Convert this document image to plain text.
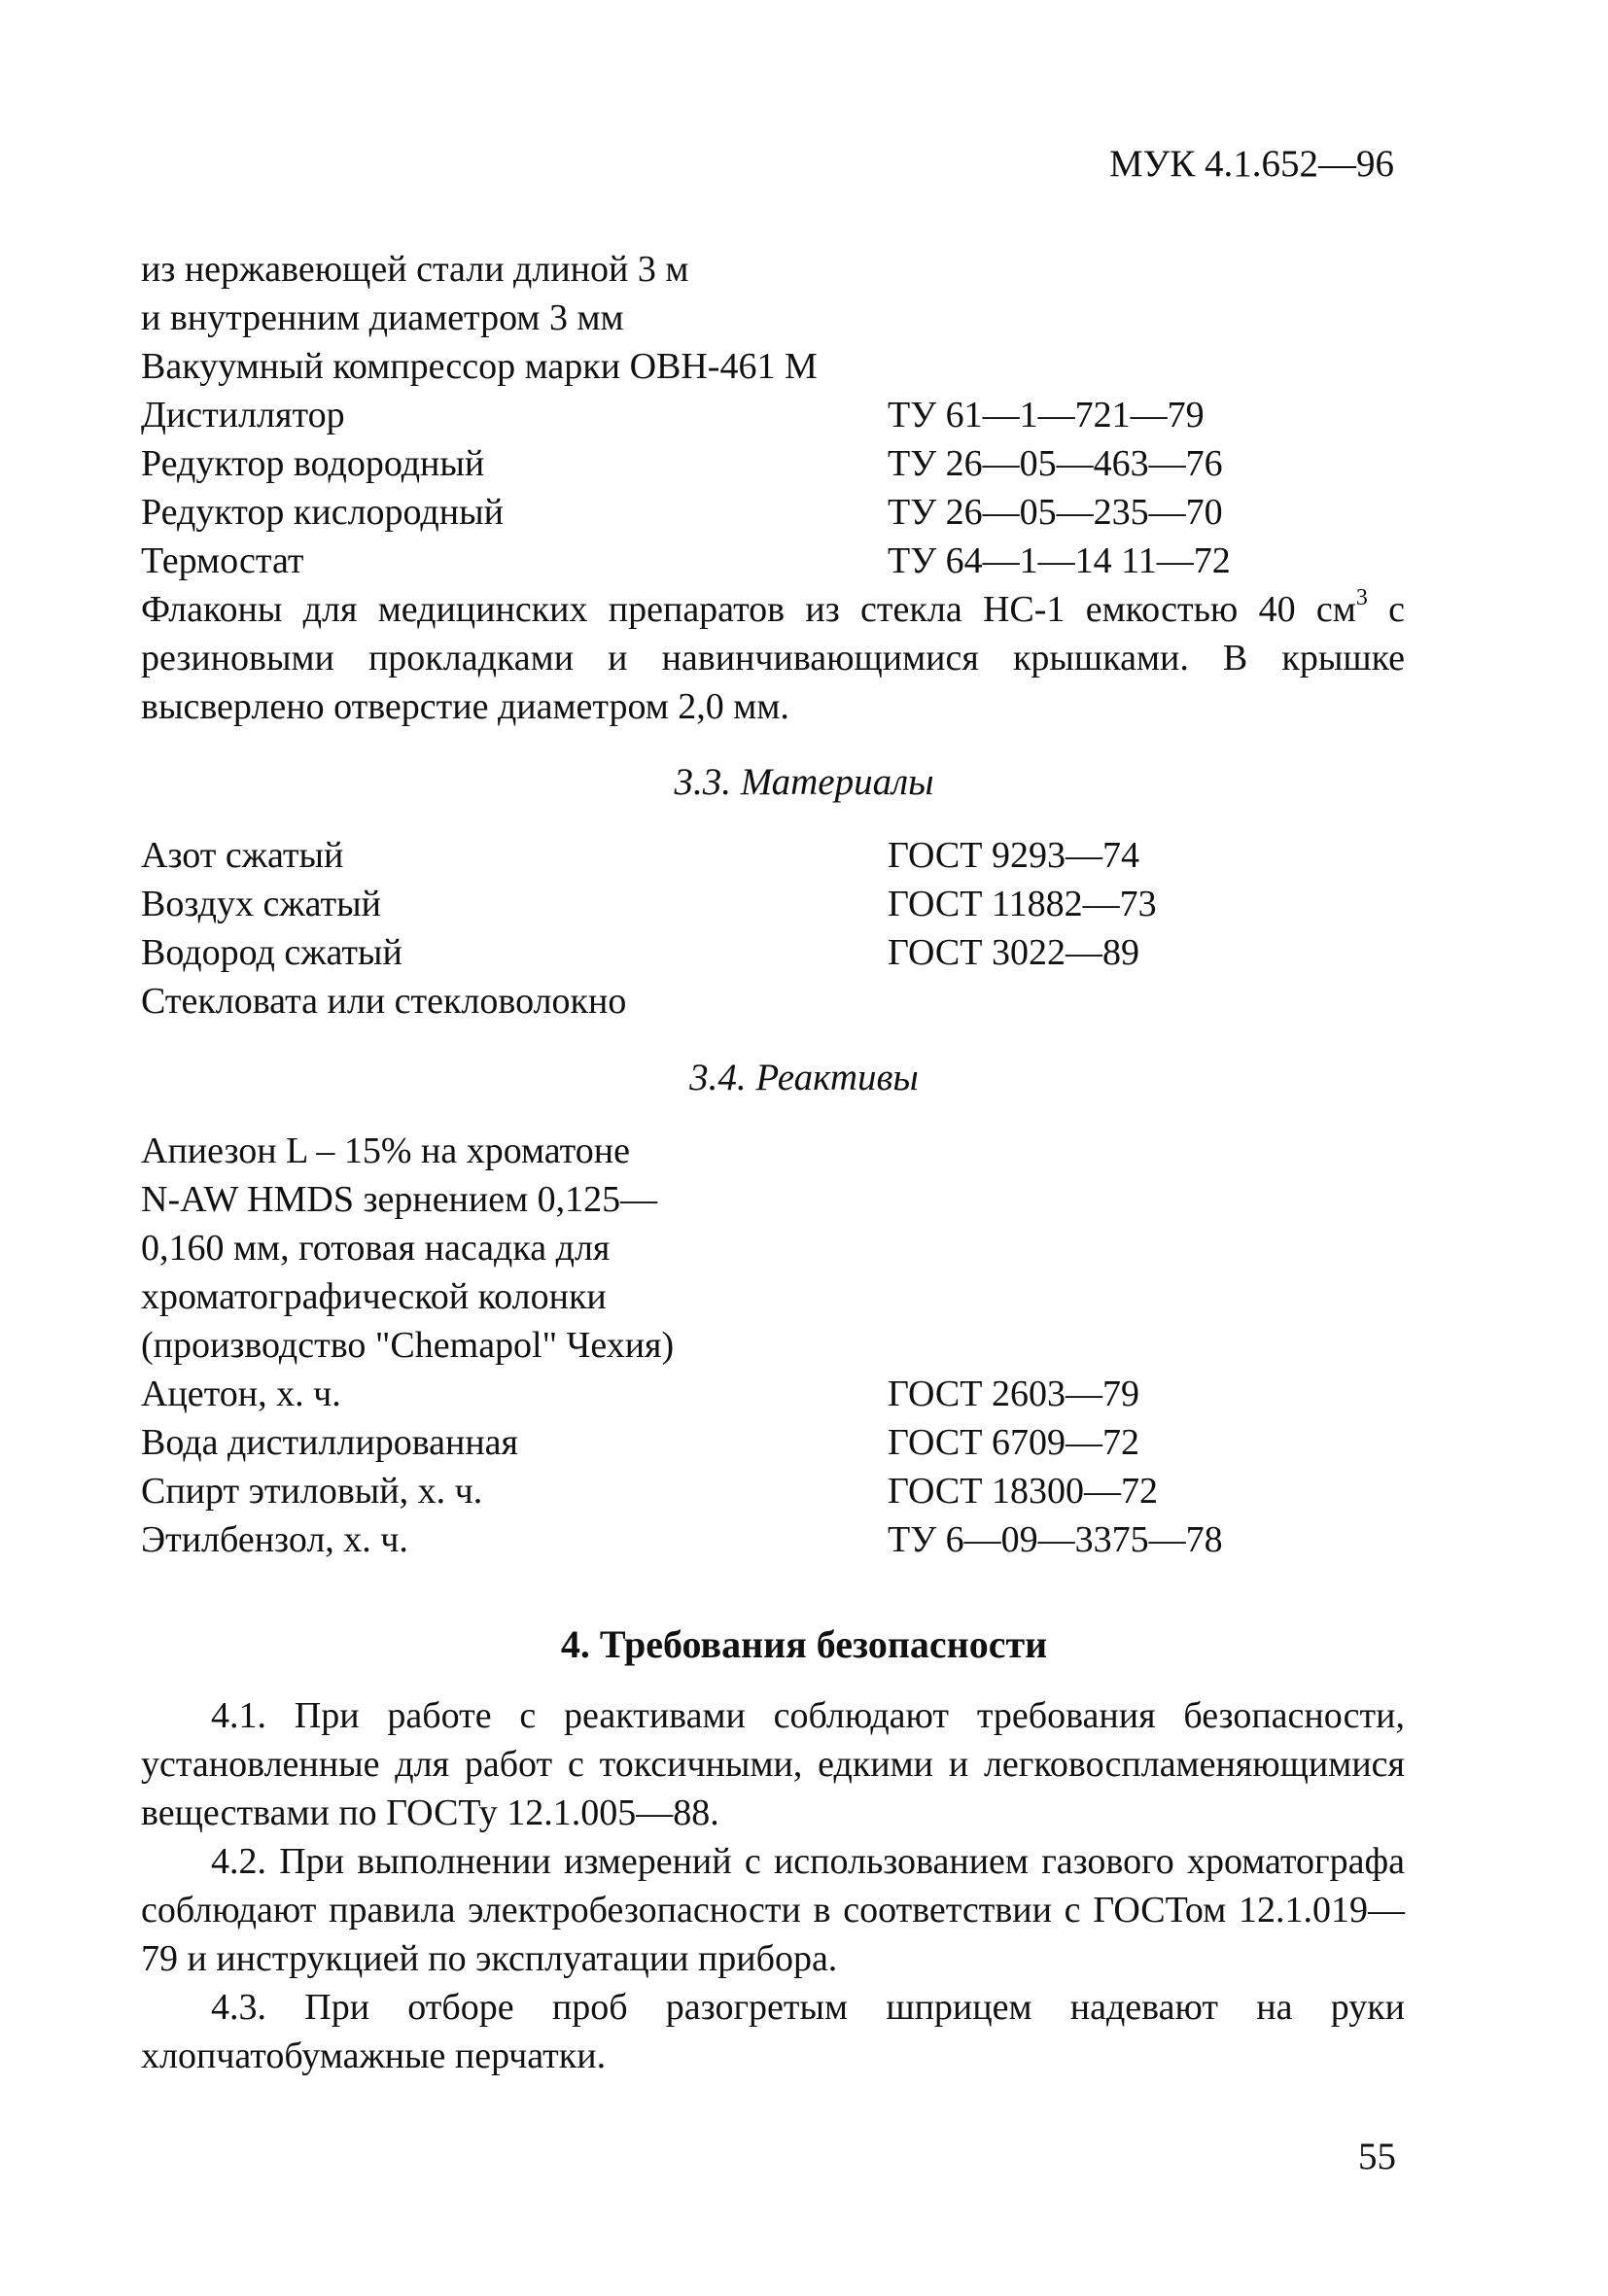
МУК 4.1.652—96
из нержавеющей стали длиной 3 м
и внутренним диаметром 3 мм
Вакуумный компрессор марки ОВН-461 М
Дистиллятор	ТУ 61—1—721—79
Редуктор водородный	ТУ 26—05—463—76
Редуктор кислородный	ТУ 26—05—235—70
Термостат	ТУ 64—1—14 11—72
Флаконы для медицинских препаратов из стекла НС-1 емкостью 40 $см^3$ с резиновыми прокладками и навинчивающимися крышками. В крышке высверлено отверстие диаметром 2,0 мм.
3.3. Материалы
Азот сжатый	ГОСТ 9293—74
Воздух сжатый	ГОСТ 11882—73
Водород сжатый	ГОСТ 3022—89
Стекловата или стекловолокно
3.4. Реактивы
Апиезон L – 15% на хроматоне
N-AW HMDS зернением 0,125—
0,160 мм, готовая насадка для
хроматографической колонки
(производство "Chemapol" Чехия)
Ацетон, х. ч.	ГОСТ 2603—79
Вода дистиллированная	ГОСТ 6709—72
Спирт этиловый, х. ч.	ГОСТ 18300—72
Этилбензол, х. ч.	ТУ 6—09—3375—78
4. Требования безопасности
4.1. При работе с реактивами соблюдают требования безопасности, установленные для работ с токсичными, едкими и легковоспламеняющимися веществами по ГОСТу 12.1.005—88.
4.2. При выполнении измерений с использованием газового хроматографа соблюдают правила электробезопасности в соответствии с ГОСТом 12.1.019—79 и инструкцией по эксплуатации прибора.
4.3. При отборе проб разогретым шприцем надевают на руки хлопчатобумажные перчатки.
55
